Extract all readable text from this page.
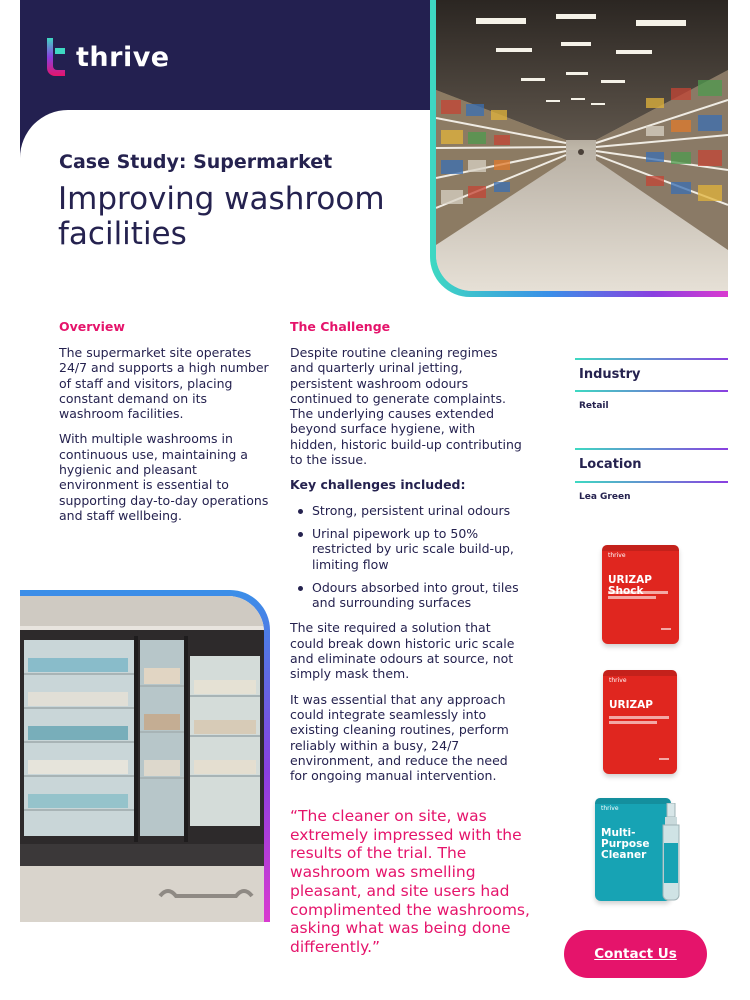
thrive
Case Study: Supermarket
Improving washroom facilities
Overview

The supermarket site operates 24/7 and supports a high number of staff and visitors, placing constant demand on its washroom facilities.

With multiple washrooms in continuous use, maintaining a hygienic and pleasant environment is essential to supporting day-to-day operations and staff wellbeing.

The Challenge

Despite routine cleaning regimes and quarterly urinal jetting, persistent washroom odours continued to generate complaints. The underlying causes extended beyond surface hygiene, with hidden, historic build-up contributing to the issue.

Key challenges included:

Strong, persistent urinal odours
Urinal pipework up to 50% restricted by uric scale build-up, limiting flow
Odours absorbed into grout, tiles and surrounding surfaces

The site required a solution that could break down historic uric scale and eliminate odours at source, not simply mask them.

It was essential that any approach could integrate seamlessly into existing cleaning routines, perform reliably within a busy, 24/7 environment, and reduce the need for ongoing manual intervention.

“The cleaner on site, was extremely impressed with the results of the trial. The washroom was smelling pleasant, and site users had complimented the washrooms, asking what was being done differently.”
Industry
Retail
Location
Lea Green
thrive
URIZAP
thrive
URIZAP
thrive
Multi-Purpose Cleaner
Contact Us
